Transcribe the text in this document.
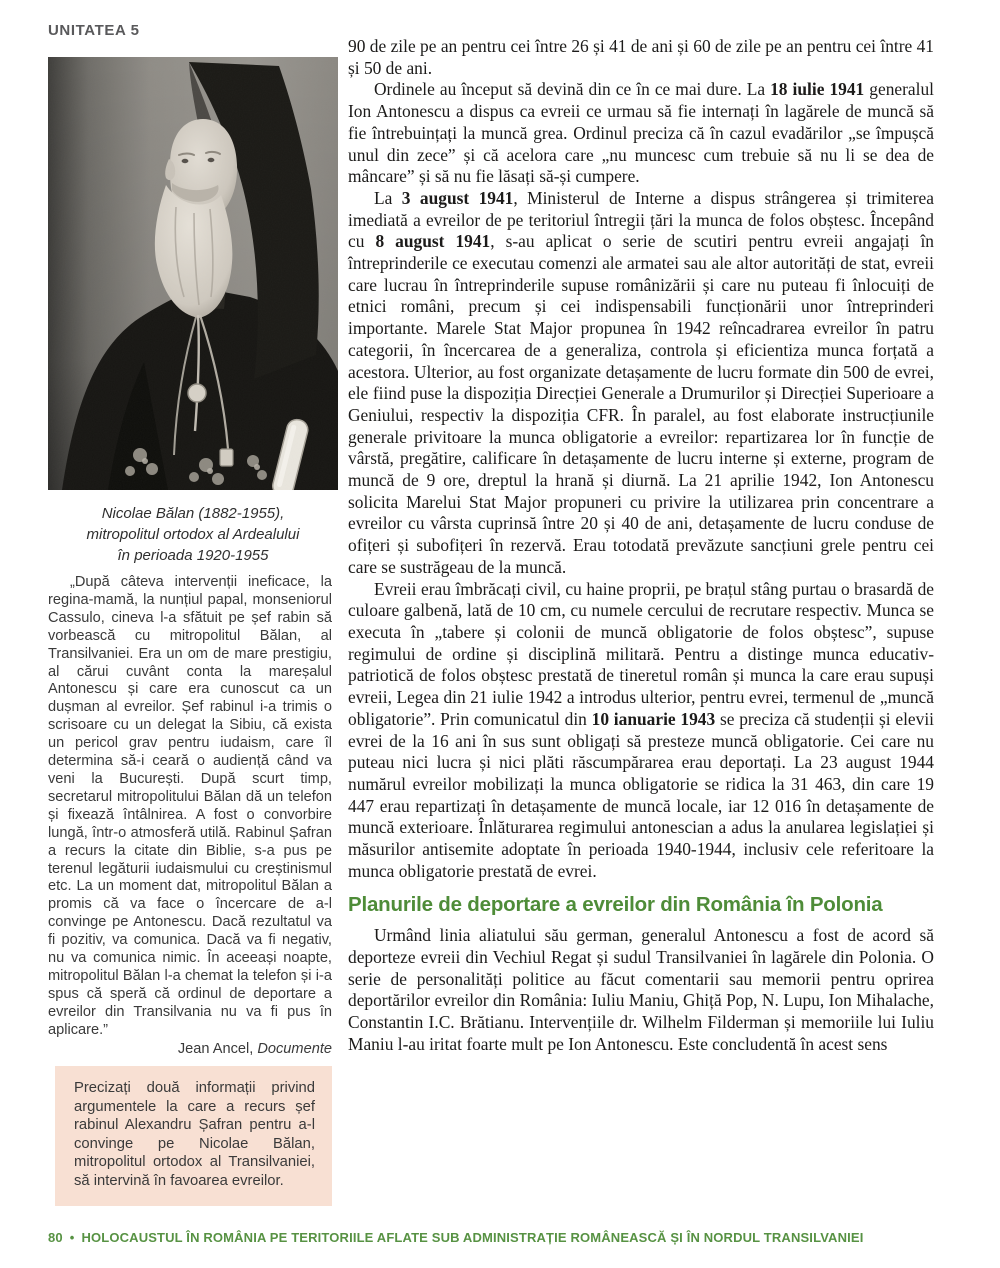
UNITATEA 5
Nicolae Bălan (1882-1955),
mitropolitul ortodox al Ardealului
în perioada 1920-1955
„După câteva intervenții ineficace, la regina-mamă, la nunțiul papal, monseniorul Cassulo, cineva l-a sfătuit pe șef rabin să vorbească cu mitropolitul Bălan, al Transilvaniei. Era un om de mare prestigiu, al cărui cuvânt conta la mareșalul Antonescu și care era cunoscut ca un dușman al evreilor. Șef rabinul i-a trimis o scrisoare cu un delegat la Sibiu, că exista un pericol grav pentru iudaism, care îl determina să-i ceară o audiență când va veni la București. După scurt timp, secretarul mitropolitului Bălan dă un telefon și fixează întâlnirea. A fost o convorbire lungă, într-o atmosferă utilă. Rabinul Șafran a recurs la citate din Biblie, s-a pus pe terenul legăturii iudaismului cu creștinismul etc. La un moment dat, mitropolitul Bălan a promis că va face o încercare de a-l convinge pe Antonescu. Dacă rezultatul va fi pozitiv, va comunica. Dacă va fi negativ, nu va comunica nimic. În aceeași noapte, mitropolitul Bălan l-a chemat la telefon și i-a spus că speră că ordinul de deportare a evreilor din Transilvania nu va fi pus în aplicare.”
Jean Ancel, Documente
Precizați două informații privind argumentele la care a recurs șef rabinul Alexandru Șafran pentru a-l convinge pe Nicolae Bălan, mitropolitul ortodox al Transilvaniei, să intervină în favoarea evreilor.

90 de zile pe an pentru cei între 26 și 41 de ani și 60 de zile pe an pentru cei între 41 și 50 de ani.

Ordinele au început să devină din ce în ce mai dure. La 18 iulie 1941 generalul Ion Antonescu a dispus ca evreii ce urmau să fie internați în lagărele de muncă să fie întrebuințați la muncă grea. Ordinul preciza că în cazul evadărilor „se împușcă unul din zece” și că acelora care „nu muncesc cum trebuie să nu li se dea de mâncare” și să nu fie lăsați să-și cumpere.

La 3 august 1941, Ministerul de Interne a dispus strângerea și trimiterea imediată a evreilor de pe teritoriul întregii țări la munca de folos obștesc. Începând cu 8 august 1941, s-au aplicat o serie de scutiri pentru evreii angajați în întreprinderile ce executau comenzi ale armatei sau ale altor autorități de stat, evreii care lucrau în întreprinderile supuse românizării și care nu puteau fi înlocuiți de etnici români, precum și cei indispensabili funcționării unor întreprinderi importante. Marele Stat Major propunea în 1942 reîncadrarea evreilor în patru categorii, în încercarea de a generaliza, controla și eficientiza munca forțată a acestora. Ulterior, au fost organizate detașamente de lucru formate din 500 de evrei, ele fiind puse la dispoziția Direcției Generale a Drumurilor și Direcției Superioare a Geniului, respectiv la dispoziția CFR. În paralel, au fost elaborate instrucțiunile generale privitoare la munca obligatorie a evreilor: repartizarea lor în funcție de vârstă, pregătire, calificare în detașamente de lucru interne și externe, program de muncă de 9 ore, dreptul la hrană și diurnă. La 21 aprilie 1942, Ion Antonescu solicita Marelui Stat Major propuneri cu privire la utilizarea prin concentrare a evreilor cu vârsta cuprinsă între 20 și 40 de ani, detașamente de lucru conduse de ofițeri și subofițeri în rezervă. Erau totodată prevăzute sancțiuni grele pentru cei care se sustrăgeau de la muncă.

Evreii erau îmbrăcați civil, cu haine proprii, pe brațul stâng purtau o brasardă de culoare galbenă, lată de 10 cm, cu numele cercului de recrutare respectiv. Munca se executa în „tabere și colonii de muncă obligatorie de folos obștesc”, supuse regimului de ordine și disciplină militară. Pentru a distinge munca educativ-patriotică de folos obștesc prestată de tineretul român și munca la care erau supuși evreii, Legea din 21 iulie 1942 a introdus ulterior, pentru evrei, termenul de „muncă obligatorie”. Prin comunicatul din 10 ianuarie 1943 se preciza că studenții și elevii evrei de la 16 ani în sus sunt obligați să presteze muncă obligatorie. Cei care nu puteau nici lucra și nici plăti răscumpărarea erau deportați. La 23 august 1944 numărul evreilor mobilizați la munca obligatorie se ridica la 31 463, din care 19 447 erau repartizați în detașamente de muncă locale, iar 12 016 în detașamente de muncă exterioare. Înlăturarea regimului antonescian a adus la anularea legislației și măsurilor antisemite adoptate în perioada 1940-1944, inclusiv cele referitoare la munca obligatorie prestată de evrei.

Planurile de deportare a evreilor din România în Polonia

Urmând linia aliatului său german, generalul Antonescu a fost de acord să deporteze evreii din Vechiul Regat și sudul Transilvaniei în lagărele din Polonia. O serie de personalități politice au făcut comentarii sau memorii pentru oprirea deportărilor evreilor din România: Iuliu Maniu, Ghiță Pop, N. Lupu, Ion Mihalache, Constantin I.C. Brătianu. Intervențiile dr. Wilhelm Filderman și memoriile lui Iuliu Maniu l-au iritat foarte mult pe Ion Antonescu. Este concludentă în acest sens

80 • HOLOCAUSTUL ÎN ROMÂNIA PE TERITORIILE AFLATE SUB ADMINISTRAȚIE ROMÂNEASCĂ ȘI ÎN NORDUL TRANSILVANIEI
